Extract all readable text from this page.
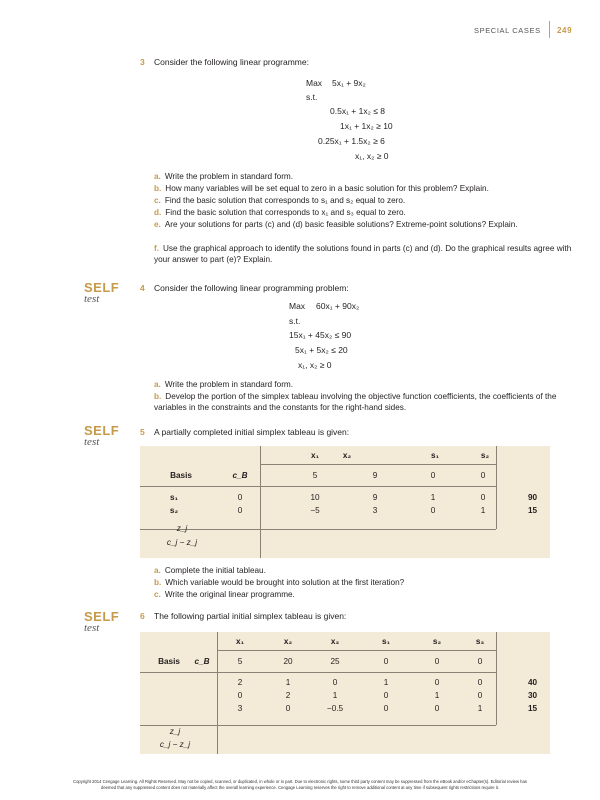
SPECIAL CASES 249
3 Consider the following linear programme:
Max 5x₁ + 9x₂
s.t.
0.5x₁ + 1x₂ ≤ 8
1x₁ + 1x₂ ≥ 10
0.25x₁ + 1.5x₂ ≥ 6
x₁, x₂ ≥ 0
a. Write the problem in standard form.
b. How many variables will be set equal to zero in a basic solution for this problem? Explain.
c. Find the basic solution that corresponds to s₁ and s₂ equal to zero.
d. Find the basic solution that corresponds to x₁ and s₃ equal to zero.
e. Are your solutions for parts (c) and (d) basic feasible solutions? Extreme-point solutions? Explain.
f. Use the graphical approach to identify the solutions found in parts (c) and (d). Do the graphical results agree with your answer to part (e)? Explain.
SELF
test
4 Consider the following linear programming problem:
Max 60x₁ + 90x₂
s.t.
15x₁ + 45x₂ ≤ 90
5x₁ + 5x₂ ≤ 20
x₁, x₂ ≥ 0
a. Write the problem in standard form.
b. Develop the portion of the simplex tableau involving the objective function coefficients, the coefficients of the variables in the constraints and the constants for the right-hand sides.
SELF
test
5 A partially completed initial simplex tableau is given:
x₁	x₂	s₁	s₂
Basis	c_B	5	9	0	0
s₁	0	10	9	1	0	90
s₂	0	−5	3	0	1	15
z_j
c_j − z_j
a. Complete the initial tableau.
b. Which variable would be brought into solution at the first iteration?
c. Write the original linear programme.
SELF
test
6 The following partial initial simplex tableau is given:
x₁	x₂	x₃	s₁	s₂	s₃
Basis	c_B	5	20	25	0	0	0
2	1	0	1	0	0	40
0	2	1	0	1	0	30
3	0	−0.5	0	0	1	15
z_j
c_j − z_j
Copyright 2014 Cengage Learning. All Rights Reserved. May not be copied, scanned, or duplicated, in whole or in part. Due to electronic rights, some third party content may be suppressed from the eBook and/or eChapter(s). Editorial review has
deemed that any suppressed content does not materially affect the overall learning experience. Cengage Learning reserves the right to remove additional content at any time if subsequent rights restrictions require it.
